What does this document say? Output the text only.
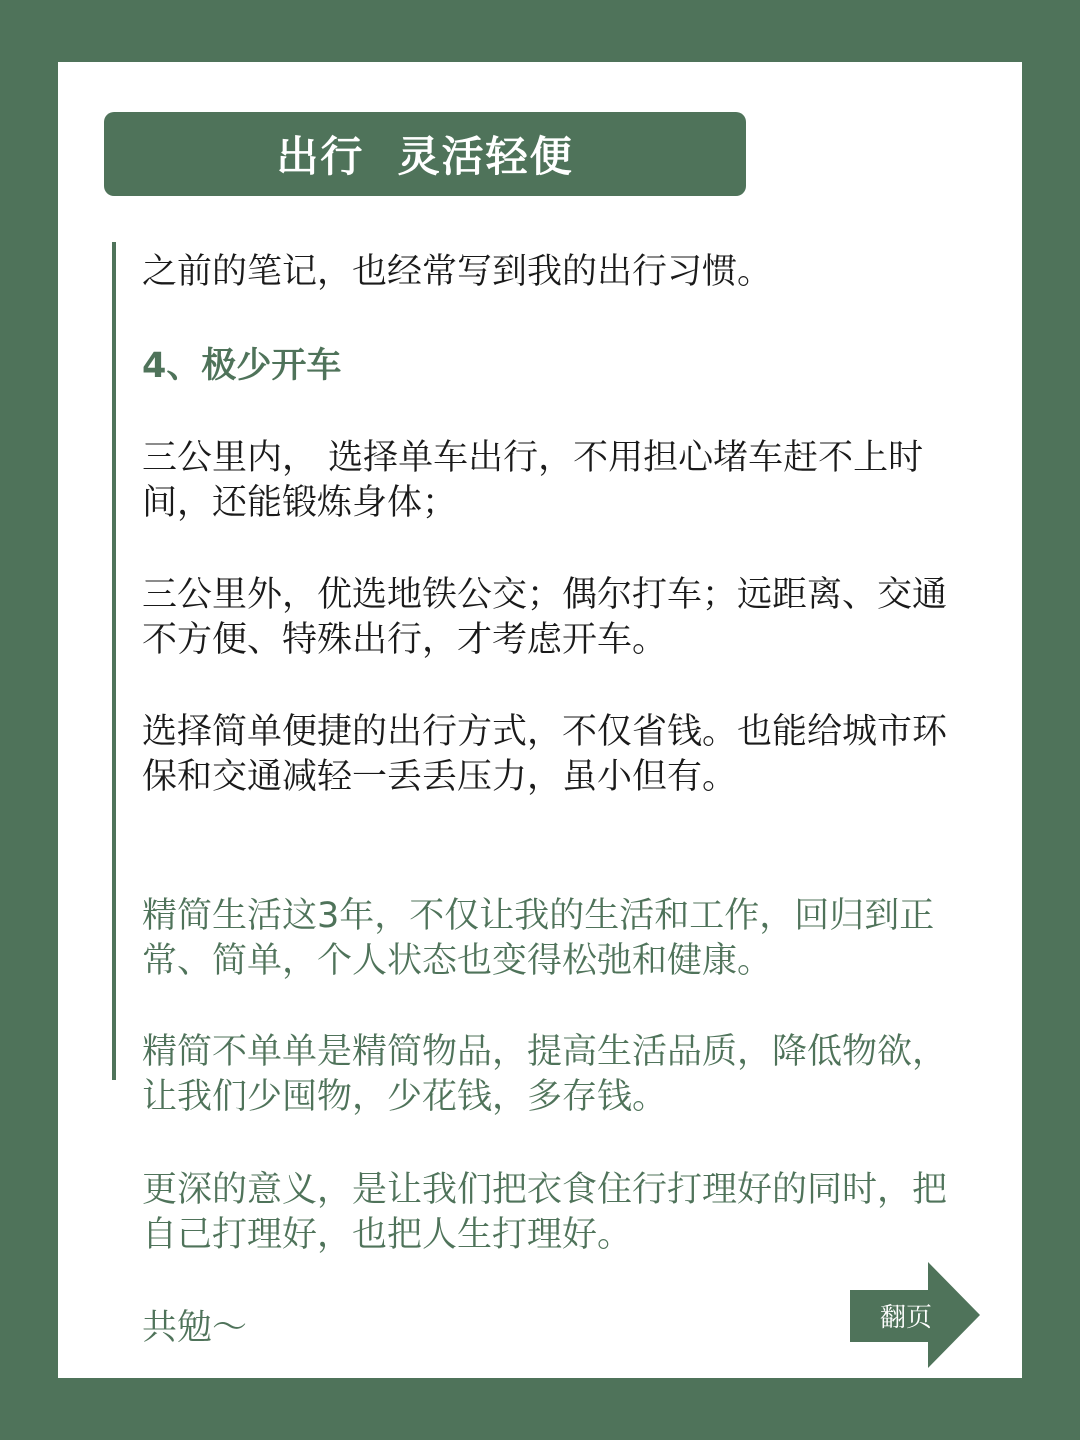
出行  灵活轻便

之前的笔记，也经常写到我的出行习惯。

4、极少开车

三公里内， 选择单车出行，不用担心堵车赶不上时间，还能锻炼身体；

三公里外，优选地铁公交；偶尔打车；远距离、交通不方便、特殊出行，才考虑开车。

选择简单便捷的出行方式，不仅省钱。也能给城市环保和交通减轻一丢丢压力，虽小但有。

精简生活这3年，不仅让我的生活和工作，回归到正常、简单，个人状态也变得松弛和健康。

精简不单单是精简物品，提高生活品质，降低物欲，让我们少囤物，少花钱，多存钱。

更深的意义，是让我们把衣食住行打理好的同时，把自己打理好，也把人生打理好。

共勉～	翻页
